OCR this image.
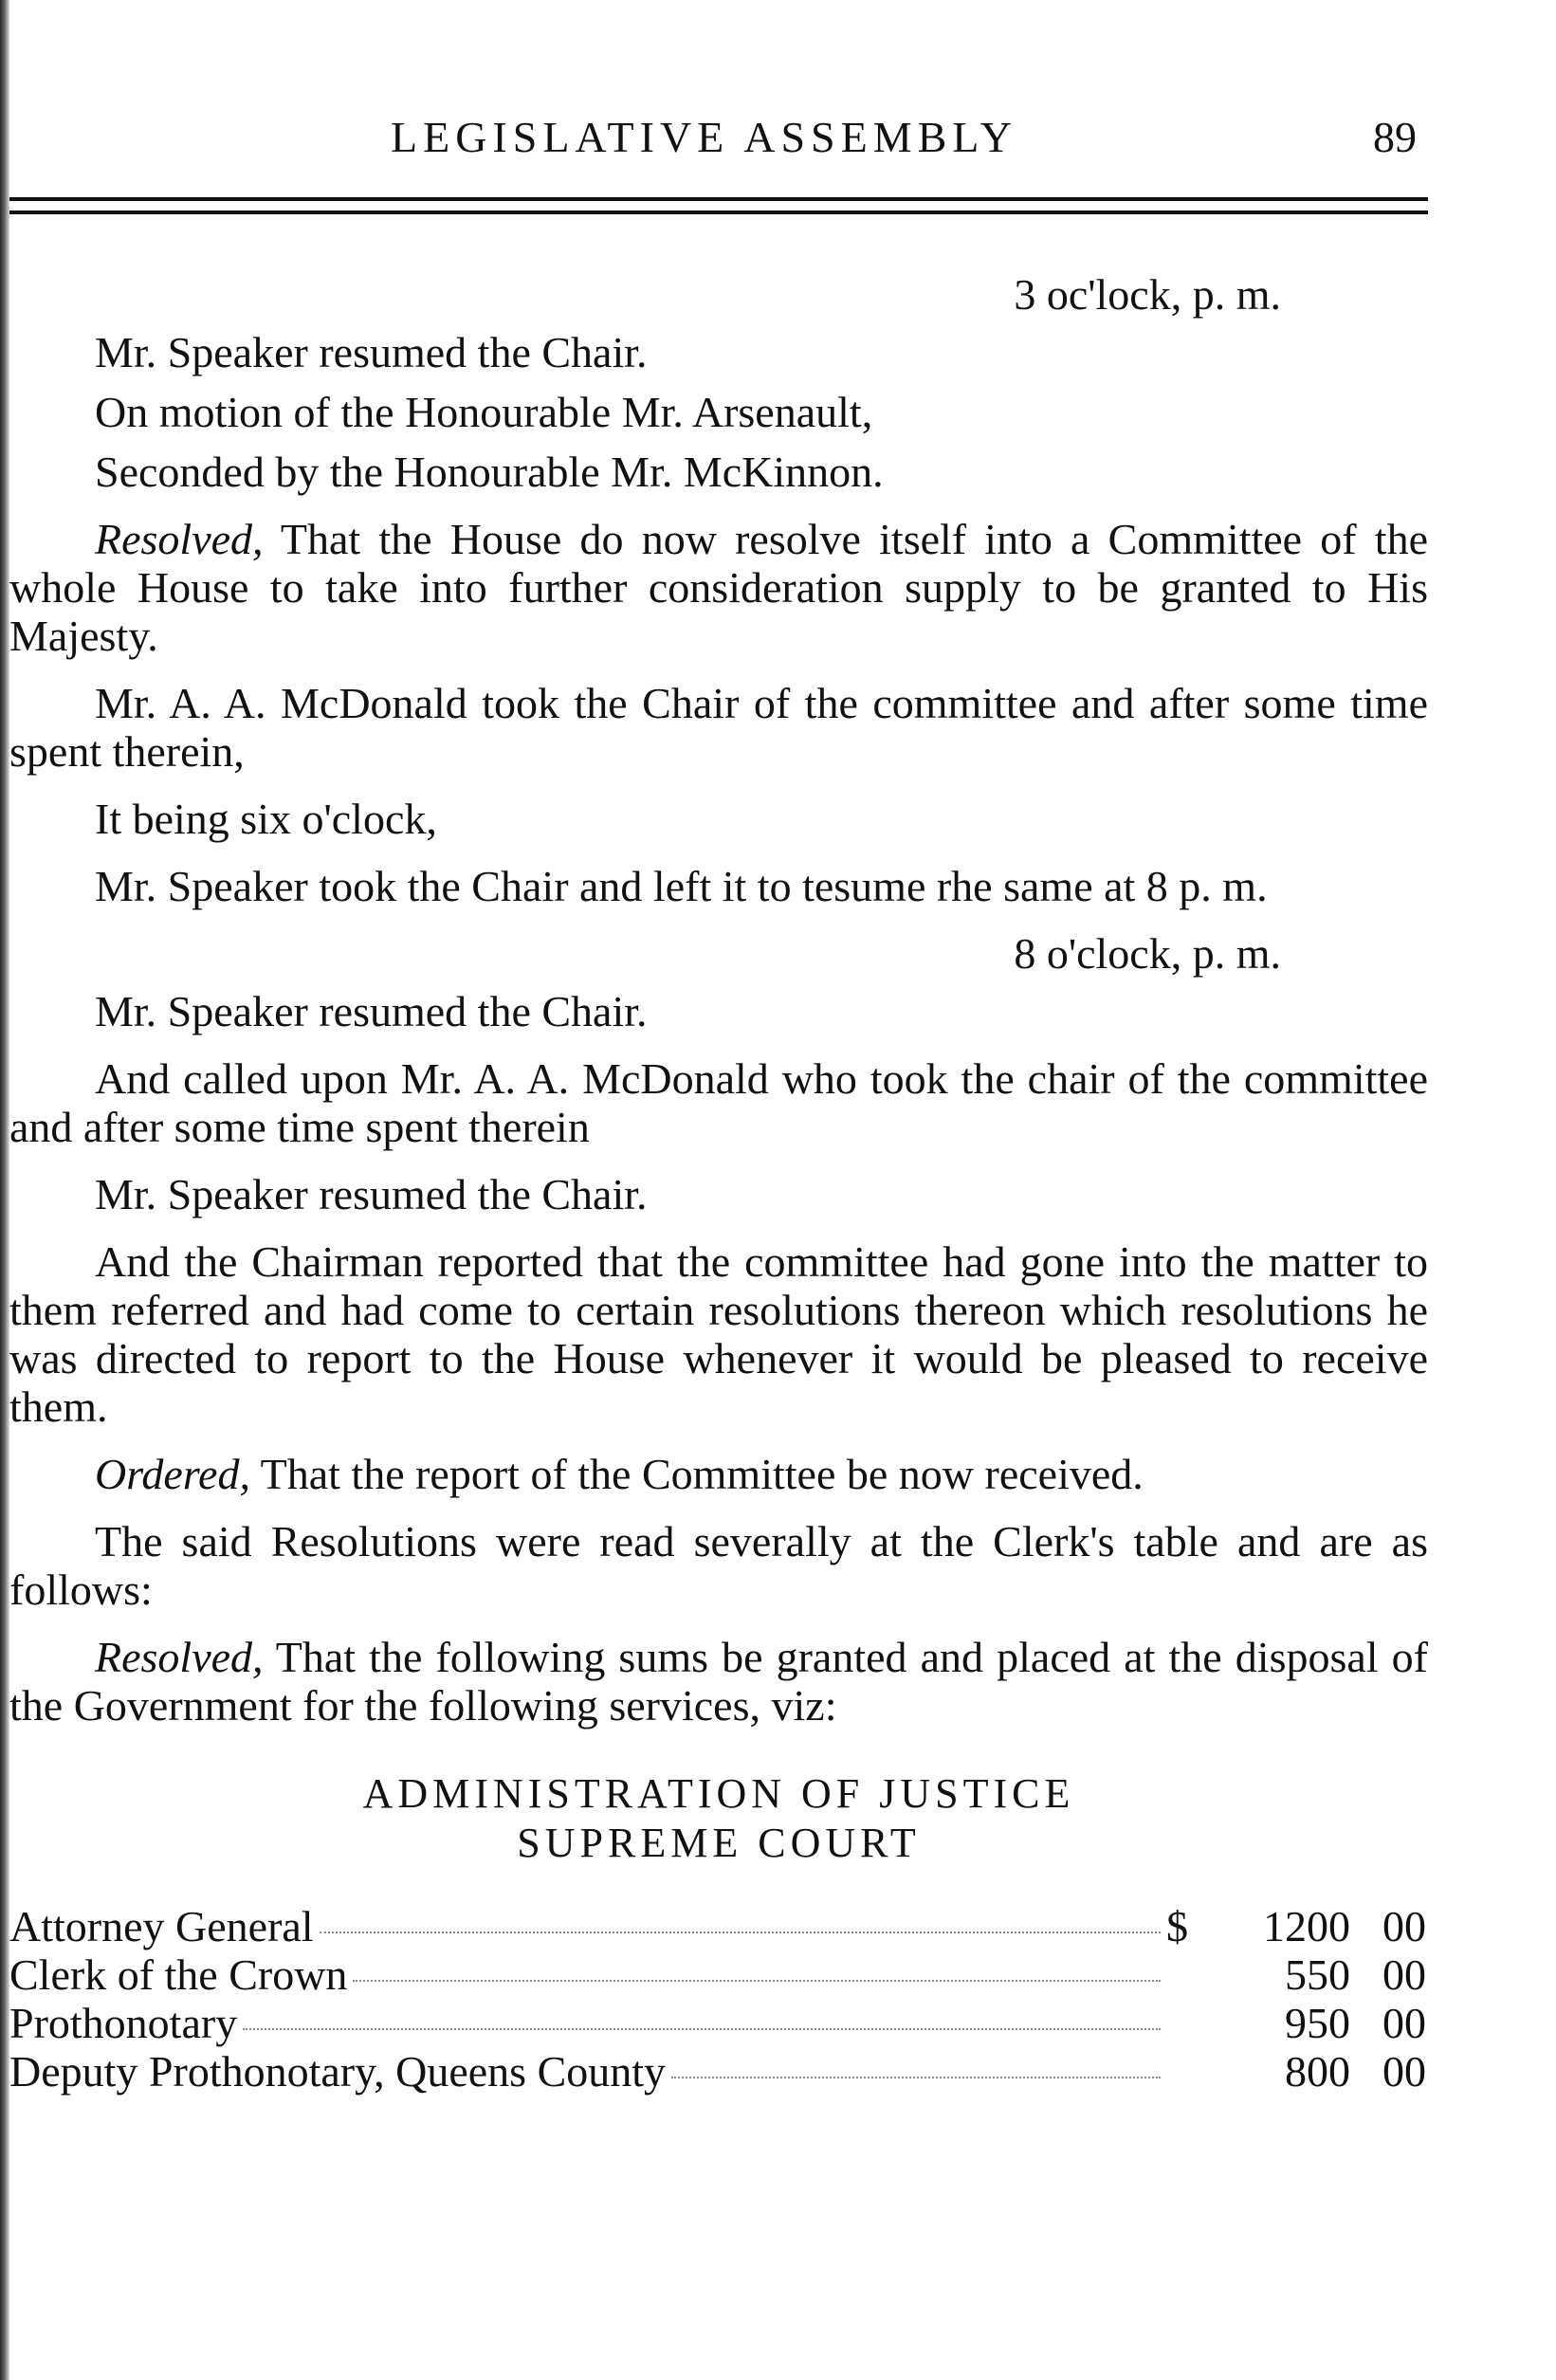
LEGISLATIVE ASSEMBLY	89

3 oc'lock, p. m.

Mr. Speaker resumed the Chair.

On motion of the Honourable Mr. Arsenault,

Seconded by the Honourable Mr. McKinnon.

Resolved, That the House do now resolve itself into a Committee of the whole House to take into further consideration supply to be granted to His Majesty.

Mr. A. A. McDonald took the Chair of the committee and after some time spent therein,

It being six o'clock,

Mr. Speaker took the Chair and left it to tesume rhe same at 8 p. m.

8 o'clock, p. m.

Mr. Speaker resumed the Chair.

And called upon Mr. A. A. McDonald who took the chair of the committee and after some time spent therein

Mr. Speaker resumed the Chair.

And the Chairman reported that the committee had gone into the matter to them referred and had come to certain resolutions thereon which resolutions he was directed to report to the House whenever it would be pleased to receive them.

Ordered, That the report of the Committee be now received.

The said Resolutions were read severally at the Clerk's table and are as follows:

Resolved, That the following sums be granted and placed at the disposal of the Government for the following services, viz:

ADMINISTRATION OF JUSTICE
SUPREME COURT
Attorney General	$	1200 00
Clerk of the Crown	550 00
Prothonotary	950 00
Deputy Prothonotary, Queens County	800 00
